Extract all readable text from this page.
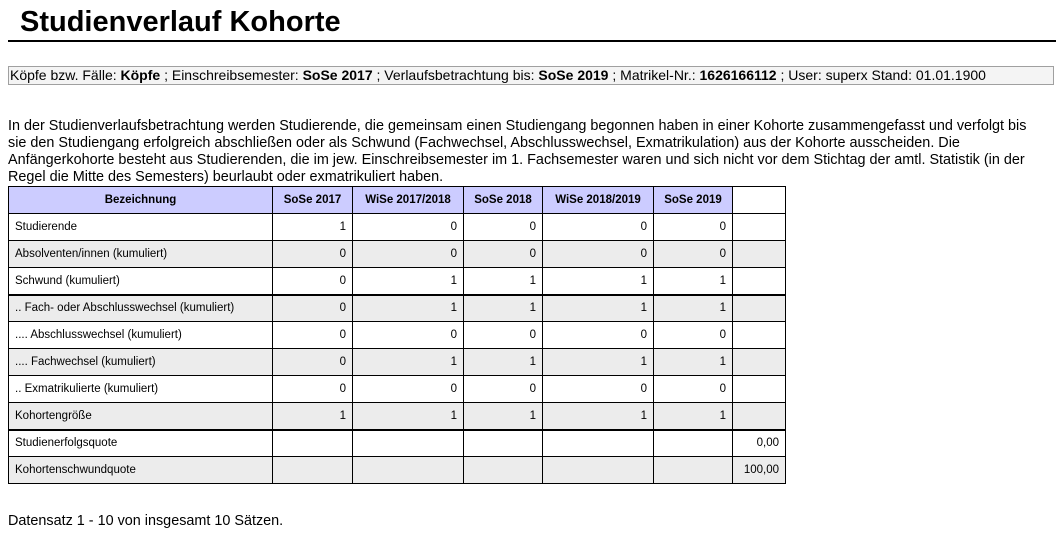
Studienverlauf Kohorte
Köpfe bzw. Fälle: Köpfe ; Einschreibsemester: SoSe 2017 ; Verlaufsbetrachtung bis: SoSe 2019 ; Matrikel-Nr.: 1626166112 ; User: superx Stand: 01.01.1900

In der Studienverlaufsbetrachtung werden Studierende, die gemeinsam einen Studiengang begonnen haben in einer Kohorte zusammengefasst und verfolgt bis sie den Studiengang erfolgreich abschließen oder als Schwund (Fachwechsel, Abschlusswechsel, Exmatrikulation) aus der Kohorte ausscheiden. Die Anfängerkohorte besteht aus Studierenden, die im jew. Einschreibsemester im 1. Fachsemester waren und sich nicht vor dem Stichtag der amtl. Statistik (in der Regel die Mitte des Semesters) beurlaubt oder exmatrikuliert haben.

Bezeichnung	SoSe 2017	WiSe 2017/2018	SoSe 2018	WiSe 2018/2019	SoSe 2019	
Studierende	1	0	0	0	0	
Absolventen/innen (kumuliert)	0	0	0	0	0	
Schwund (kumuliert)	0	1	1	1	1	
.. Fach- oder Abschlusswechsel (kumuliert)	0	1	1	1	1	
.... Abschlusswechsel (kumuliert)	0	0	0	0	0	
.... Fachwechsel (kumuliert)	0	1	1	1	1	
.. Exmatrikulierte (kumuliert)	0	0	0	0	0	
Kohortengröße	1	1	1	1	1	
Studienerfolgsquote						0,00
Kohortenschwundquote						100,00

Datensatz 1 - 10 von insgesamt 10 Sätzen.
